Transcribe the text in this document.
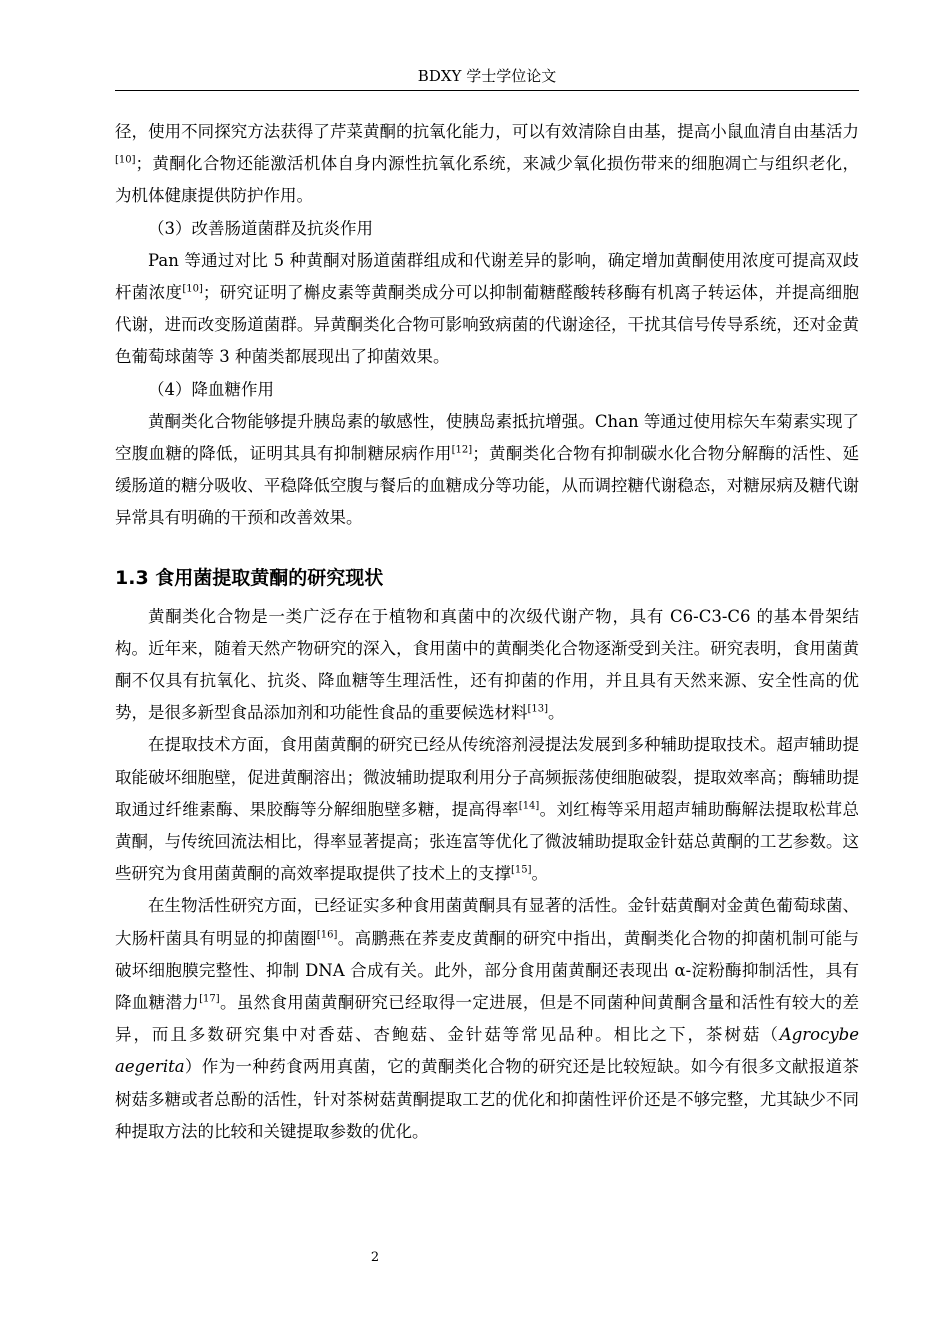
BDXY 学士学位论文

径，使用不同探究方法获得了芹菜黄酮的抗氧化能力，可以有效清除自由基，提高小鼠血清自由基活力[10]；黄酮化合物还能激活机体自身内源性抗氧化系统，来减少氧化损伤带来的细胞凋亡与组织老化，为机体健康提供防护作用。

（3）改善肠道菌群及抗炎作用

Pan 等通过对比 5 种黄酮对肠道菌群组成和代谢差异的影响，确定增加黄酮使用浓度可提高双歧杆菌浓度[10]；研究证明了槲皮素等黄酮类成分可以抑制葡糖醛酸转移酶有机离子转运体，并提高细胞代谢，进而改变肠道菌群。异黄酮类化合物可影响致病菌的代谢途径，干扰其信号传导系统，还对金黄色葡萄球菌等 3 种菌类都展现出了抑菌效果。

（4）降血糖作用

黄酮类化合物能够提升胰岛素的敏感性，使胰岛素抵抗增强。Chan 等通过使用棕矢车菊素实现了空腹血糖的降低，证明其具有抑制糖尿病作用[12]；黄酮类化合物有抑制碳水化合物分解酶的活性、延缓肠道的糖分吸收、平稳降低空腹与餐后的血糖成分等功能，从而调控糖代谢稳态，对糖尿病及糖代谢异常具有明确的干预和改善效果。

1.3 食用菌提取黄酮的研究现状

黄酮类化合物是一类广泛存在于植物和真菌中的次级代谢产物，具有 C6-C3-C6 的基本骨架结构。近年来，随着天然产物研究的深入，食用菌中的黄酮类化合物逐渐受到关注。研究表明，食用菌黄酮不仅具有抗氧化、抗炎、降血糖等生理活性，还有抑菌的作用，并且具有天然来源、安全性高的优势，是很多新型食品添加剂和功能性食品的重要候选材料[13]。

在提取技术方面，食用菌黄酮的研究已经从传统溶剂浸提法发展到多种辅助提取技术。超声辅助提取能破坏细胞壁，促进黄酮溶出；微波辅助提取利用分子高频振荡使细胞破裂，提取效率高；酶辅助提取通过纤维素酶、果胶酶等分解细胞壁多糖，提高得率[14]。刘红梅等采用超声辅助酶解法提取松茸总黄酮，与传统回流法相比，得率显著提高；张连富等优化了微波辅助提取金针菇总黄酮的工艺参数。这些研究为食用菌黄酮的高效率提取提供了技术上的支撑[15]。

在生物活性研究方面，已经证实多种食用菌黄酮具有显著的活性。金针菇黄酮对金黄色葡萄球菌、大肠杆菌具有明显的抑菌圈[16]。高鹏燕在荞麦皮黄酮的研究中指出，黄酮类化合物的抑菌机制可能与破坏细胞膜完整性、抑制 DNA 合成有关。此外，部分食用菌黄酮还表现出 α-淀粉酶抑制活性，具有降血糖潜力[17]。虽然食用菌黄酮研究已经取得一定进展，但是不同菌种间黄酮含量和活性有较大的差异，而且多数研究集中对香菇、杏鲍菇、金针菇等常见品种。相比之下，茶树菇（Agrocybe aegerita）作为一种药食两用真菌，它的黄酮类化合物的研究还是比较短缺。如今有很多文献报道茶树菇多糖或者总酚的活性，针对茶树菇黄酮提取工艺的优化和抑菌性评价还是不够完整，尤其缺少不同种提取方法的比较和关键提取参数的优化。

2
